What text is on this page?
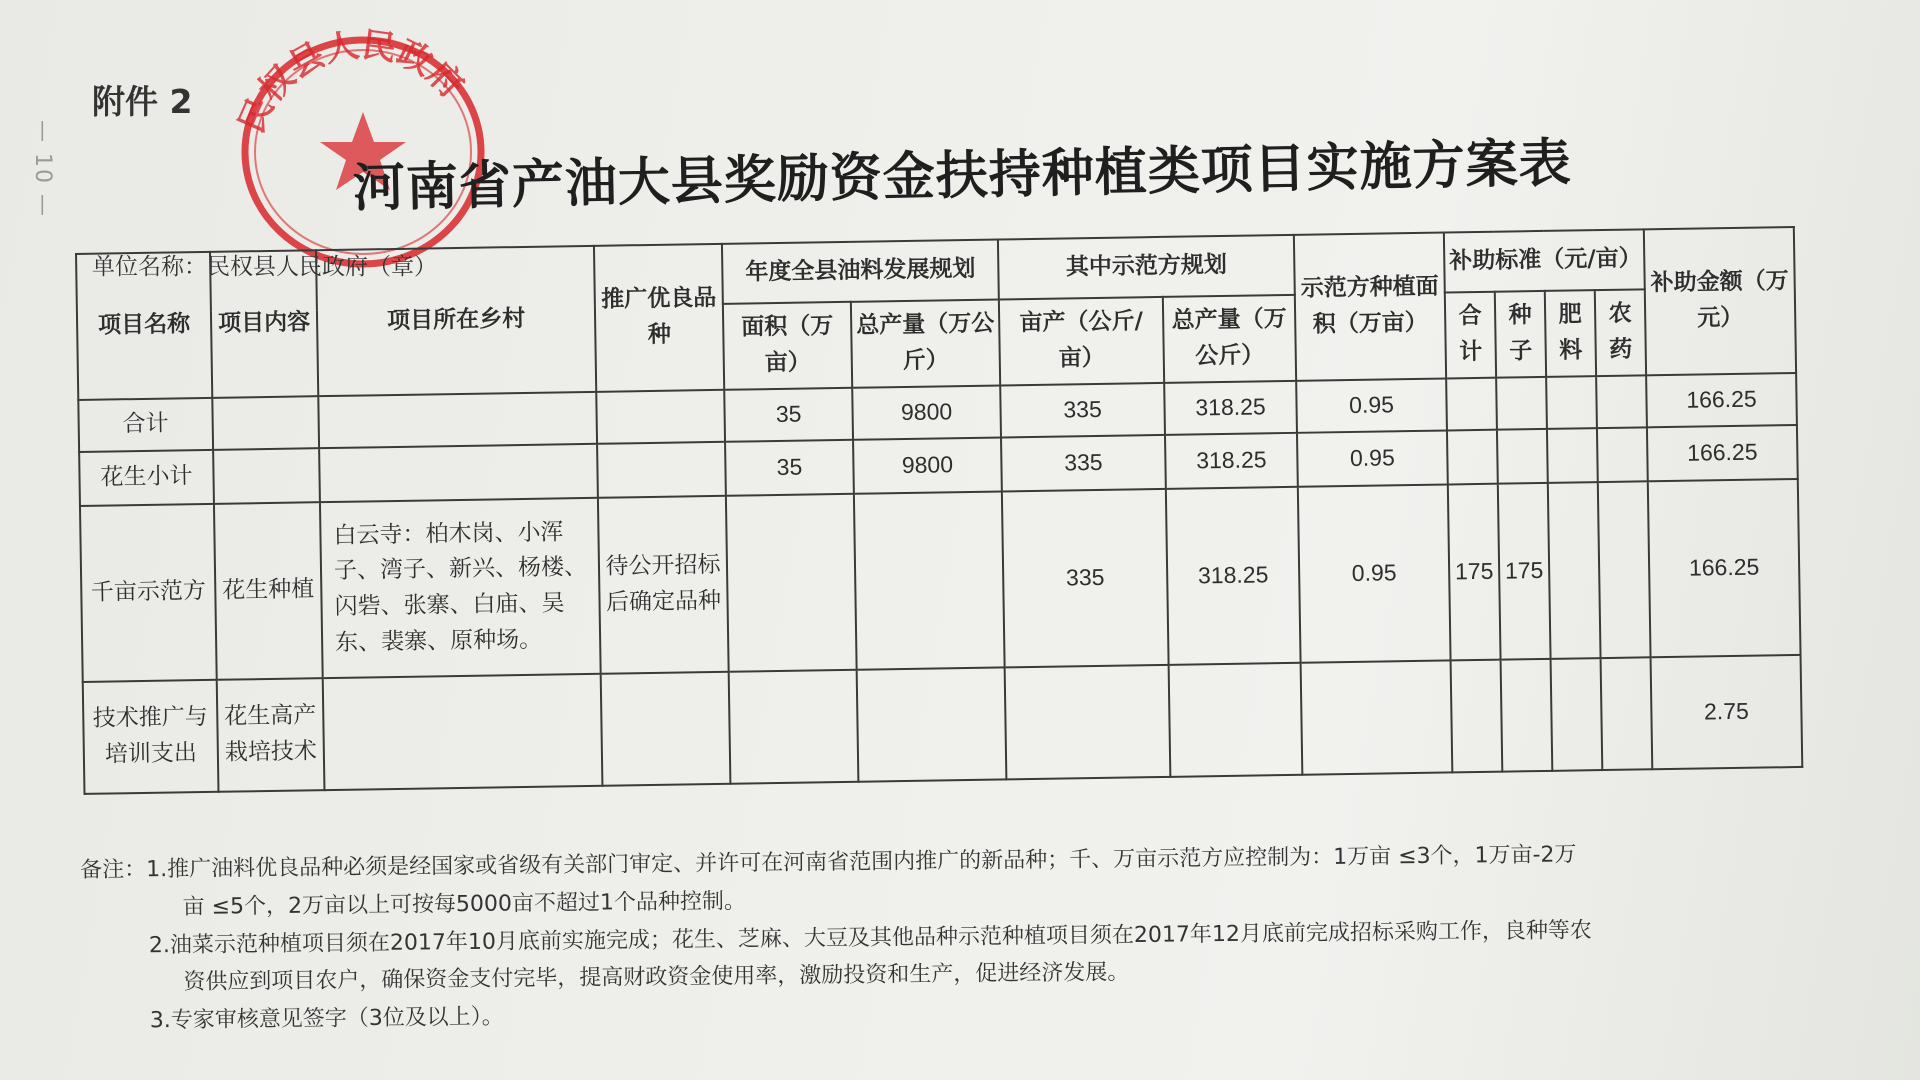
— 10 —
民权县人民政府
附件 2
河南省产油大县奖励资金扶持种植类项目实施方案表
单位名称：民权县人民政府（章）
项目名称	项目内容	项目所在乡村	推广优良品种	年度全县油料发展规划		其中示范方规划		示范方种植面积（万亩）	补助标准（元/亩）				补助金额（万元）
				面积（万亩）	总产量（万公斤）	亩产（公斤/亩）	总产量（万公斤）		合计	种子	肥料	农药	
合计				35	9800	335	318.25	0.95					166.25
花生小计				35	9800	335	318.25	0.95					166.25
千亩示范方	花生种植	白云寺：柏木岗、小浑子、湾子、新兴、杨楼、闪砦、张寨、白庙、吴东、裴寨、原种场。	待公开招标后确定品种			335	318.25	0.95	175	175			166.25
技术推广与培训支出	花生高产栽培技术												2.75
备注：1.推广油料优良品种必须是经国家或省级有关部门审定、并许可在河南省范围内推广的新品种；千、万亩示范方应控制为：1万亩 ≤3个，1万亩-2万
亩 ≤5个，2万亩以上可按每5000亩不超过1个品种控制。
2.油菜示范种植项目须在2017年10月底前实施完成；花生、芝麻、大豆及其他品种示范种植项目须在2017年12月底前完成招标采购工作，良种等农
资供应到项目农户，确保资金支付完毕，提高财政资金使用率，激励投资和生产，促进经济发展。
3.专家审核意见签字（3位及以上）。
